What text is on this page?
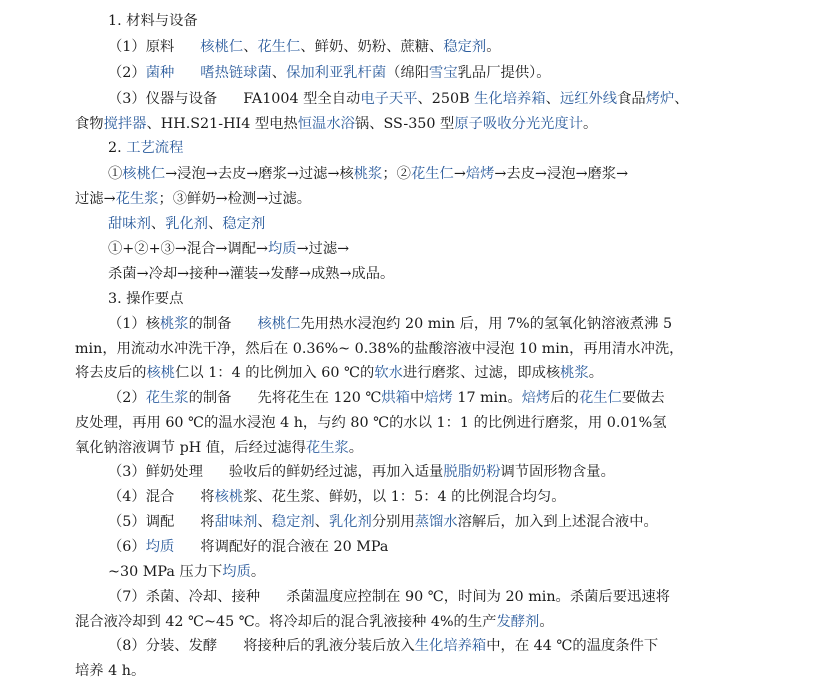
1. 材料与设备
（1）原料 核桃仁、花生仁、鲜奶、奶粉、蔗糖、稳定剂。
（2）菌种 嗜热链球菌、保加利亚乳杆菌（绵阳雪宝乳品厂提供）。
（3）仪器与设备 FA1004 型全自动电子天平、250B 生化培养箱、远红外线食品烤炉、
食物搅拌器、HH.S21-HI4 型电热恒温水浴锅、SS-350 型原子吸收分光光度计。
2. 工艺流程
①核桃仁→浸泡→去皮→磨浆→过滤→核桃浆；②花生仁→焙烤→去皮→浸泡→磨浆→
过滤→花生浆；③鲜奶→检测→过滤。
甜味剂、乳化剂、稳定剂
①+②+③→混合→调配→均质→过滤→
杀菌→冷却→接种→灌装→发酵→成熟→成品。
3. 操作要点
（1）核桃浆的制备 核桃仁先用热水浸泡约 20 min 后，用 7%的氢氧化钠溶液煮沸 5
min，用流动水冲洗干净，然后在 0.36%~ 0.38%的盐酸溶液中浸泡 10 min，再用清水冲洗，
将去皮后的核桃仁以 1：4 的比例加入 60 ℃的软水进行磨浆、过滤，即成核桃浆。
（2）花生浆的制备 先将花生在 120 ℃烘箱中焙烤 17 min。焙烤后的花生仁要做去
皮处理，再用 60 ℃的温水浸泡 4 h，与约 80 ℃的水以 1：1 的比例进行磨浆，用 0.01%氢
氧化钠溶液调节 pH 值，后经过滤得花生浆。
（3）鲜奶处理 验收后的鲜奶经过滤，再加入适量脱脂奶粉调节固形物含量。
（4）混合 将核桃浆、花生浆、鲜奶，以 1：5：4 的比例混合均匀。
（5）调配 将甜味剂、稳定剂、乳化剂分别用蒸馏水溶解后，加入到上述混合液中。
（6）均质 将调配好的混合液在 20 MPa
~30 MPa 压力下均质。
（7）杀菌、冷却、接种 杀菌温度应控制在 90 ℃，时间为 20 min。杀菌后要迅速将
混合液冷却到 42 ℃~45 ℃。将冷却后的混合乳液接种 4%的生产发酵剂。
（8）分装、发酵 将接种后的乳液分装后放入生化培养箱中，在 44 ℃的温度条件下
培养 4 h。
